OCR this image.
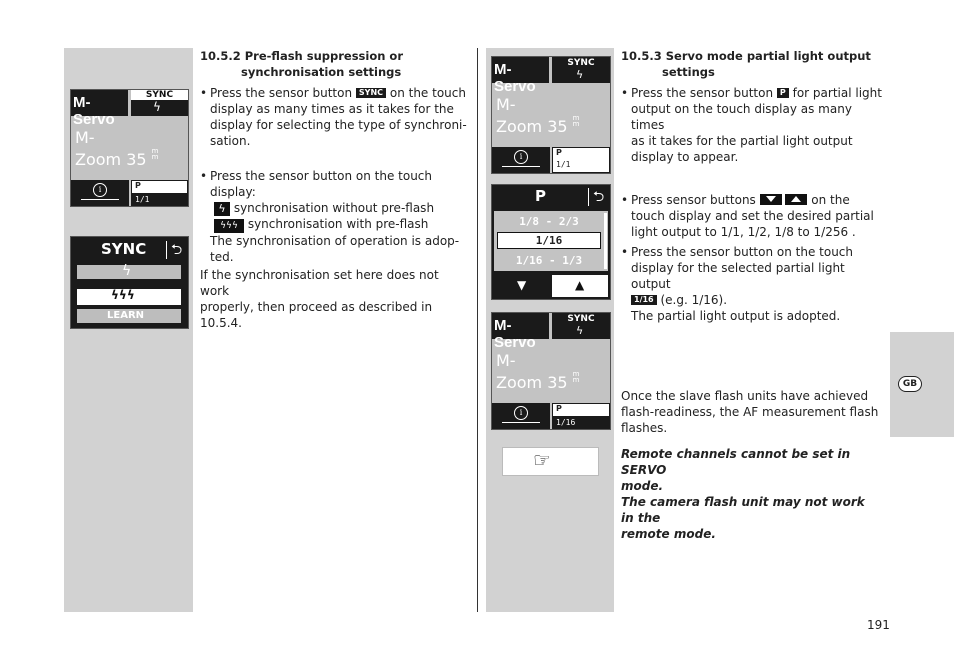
GB
M-Servo
SYNC
ϟ
M-
Zoom 35 m
m
i	P
1/1
SYNC ⮌
ϟ
ϟϟϟ
LEARN
M-Servo
SYNC
ϟ
M-
Zoom 35 m
m
i	P
1/1
P	⮌
1/8 - 2/3
1/16
1/16 - 1/3
▼	▲
M-Servo
SYNC
ϟ
M-
Zoom 35 m
m
i	P
1/16
☞
10.5.2 Pre-flash suppression or
synchronisation settings
• Press the sensor button SYNC on the touch
display as many times as it takes for the
display for selecting the type of synchroni-
sation.
• Press the sensor button on the touch
display:
ϟ synchronisation without pre-flash
ϟϟϟ synchronisation with pre-flash
The synchronisation of operation is adop-
ted.
If the synchronisation set here does not work
properly, then proceed as described in
10.5.4.
10.5.3 Servo mode partial light output
settings
• Press the sensor button P for partial light
output on the touch display as many times
as it takes for the partial light output
display to appear.
• Press sensor buttons	on the
touch display and set the desired partial
light output to 1/1, 1/2, 1/8 to 1/256 .
• Press the sensor button on the touch
display for the selected partial light output
1/16 (e.g. 1/16).
The partial light output is adopted.
Once the slave flash units have achieved
flash-readiness, the AF measurement flash
flashes.
Remote channels cannot be set in SERVO
mode.
The camera flash unit may not work in the
remote mode.
191
